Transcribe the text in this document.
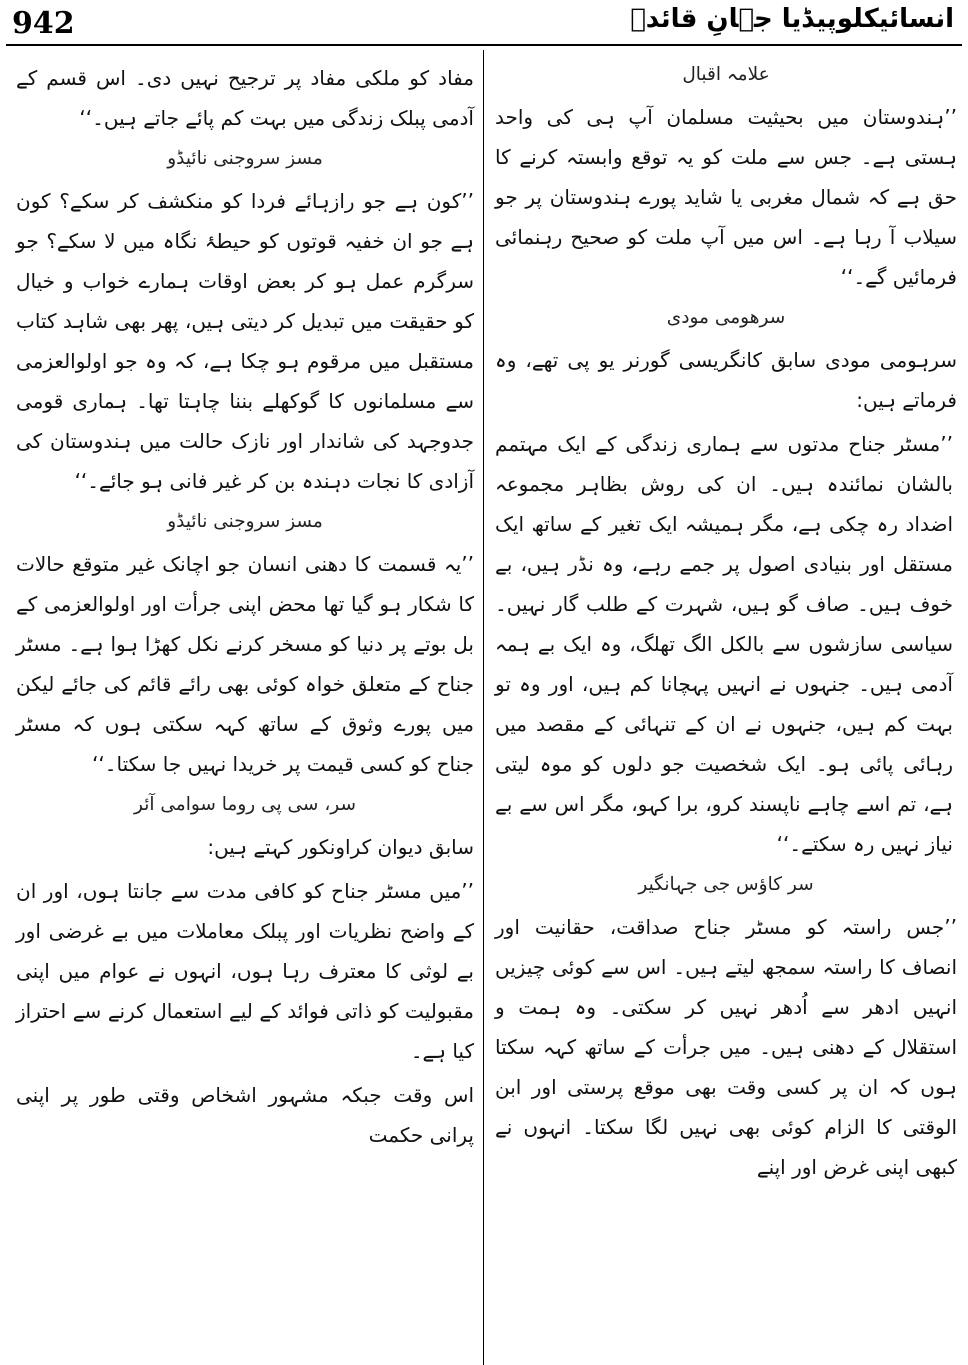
942	انسائیکلوپیڈیا جہانِ قائدؒ
علامہ اقبال

’’ہندوستان میں بحیثیت مسلمان آپ ہی کی واحد ہستی ہے۔ جس سے ملت کو یہ توقع وابستہ کرنے کا حق ہے کہ شمال مغربی یا شاید پورے ہندوستان پر جو سیلاب آ رہا ہے۔ اس میں آپ ملت کو صحیح رہنمائی فرمائیں گے۔‘‘

سرھومی مودی

سرہومی مودی سابق کانگریسی گورنر یو پی تھے، وہ فرماتے ہیں:

’’مسٹر جناح مدتوں سے ہماری زندگی کے ایک مہتمم بالشان نمائندہ ہیں۔ ان کی روش بظاہر مجموعہ اضداد رہ چکی ہے، مگر ہمیشہ ایک تغیر کے ساتھ ایک مستقل اور بنیادی اصول پر جمے رہے، وہ نڈر ہیں، بے خوف ہیں۔ صاف گو ہیں، شہرت کے طلب گار نہیں۔ سیاسی سازشوں سے بالکل الگ تھلگ، وہ ایک بے ہمہ آدمی ہیں۔ جنہوں نے انہیں پہچانا کم ہیں، اور وہ تو بہت کم ہیں، جنہوں نے ان کے تنہائی کے مقصد میں رہائی پائی ہو۔ ایک شخصیت جو دلوں کو موہ لیتی ہے، تم اسے چاہے ناپسند کرو، برا کہو، مگر اس سے بے نیاز نہیں رہ سکتے۔‘‘

سر کاؤس جی جہانگیر

’’جس راستہ کو مسٹر جناح صداقت، حقانیت اور انصاف کا راستہ سمجھ لیتے ہیں۔ اس سے کوئی چیزیں انہیں ادھر سے اُدھر نہیں کر سکتی۔ وہ ہمت و استقلال کے دھنی ہیں۔ میں جرأت کے ساتھ کہہ سکتا ہوں کہ ان پر کسی وقت بھی موقع پرستی اور ابن الوقتی کا الزام کوئی بھی نہیں لگا سکتا۔ انہوں نے کبھی اپنی غرض اور اپنے

مفاد کو ملکی مفاد پر ترجیح نہیں دی۔ اس قسم کے آدمی پبلک زندگی میں بہت کم پائے جاتے ہیں۔‘‘

مسز سروجنی نائیڈو

’’کون ہے جو رازہائے فردا کو منکشف کر سکے؟ کون ہے جو ان خفیہ قوتوں کو حیطۂ نگاہ میں لا سکے؟ جو سرگرم عمل ہو کر بعض اوقات ہمارے خواب و خیال کو حقیقت میں تبدیل کر دیتی ہیں، پھر بھی شاہد کتاب مستقبل میں مرقوم ہو چکا ہے، کہ وہ جو اولوالعزمی سے مسلمانوں کا گوکھلے بننا چاہتا تھا۔ ہماری قومی جدوجہد کی شاندار اور نازک حالت میں ہندوستان کی آزادی کا نجات دہندہ بن کر غیر فانی ہو جائے۔‘‘

مسز سروجنی نائیڈو

’’یہ قسمت کا دھنی انسان جو اچانک غیر متوقع حالات کا شکار ہو گیا تھا محض اپنی جرأت اور اولوالعزمی کے بل بوتے پر دنیا کو مسخر کرنے نکل کھڑا ہوا ہے۔ مسٹر جناح کے متعلق خواہ کوئی بھی رائے قائم کی جائے لیکن میں پورے وثوق کے ساتھ کہہ سکتی ہوں کہ مسٹر جناح کو کسی قیمت پر خریدا نہیں جا سکتا۔‘‘

سر، سی پی روما سوامی آئر

سابق دیوان کراونکور کہتے ہیں:

’’میں مسٹر جناح کو کافی مدت سے جانتا ہوں، اور ان کے واضح نظریات اور پبلک معاملات میں بے غرضی اور بے لوثی کا معترف رہا ہوں، انہوں نے عوام میں اپنی مقبولیت کو ذاتی فوائد کے لیے استعمال کرنے سے احتراز کیا ہے۔

اس وقت جبکہ مشہور اشخاص وقتی طور پر اپنی پرانی حکمت
